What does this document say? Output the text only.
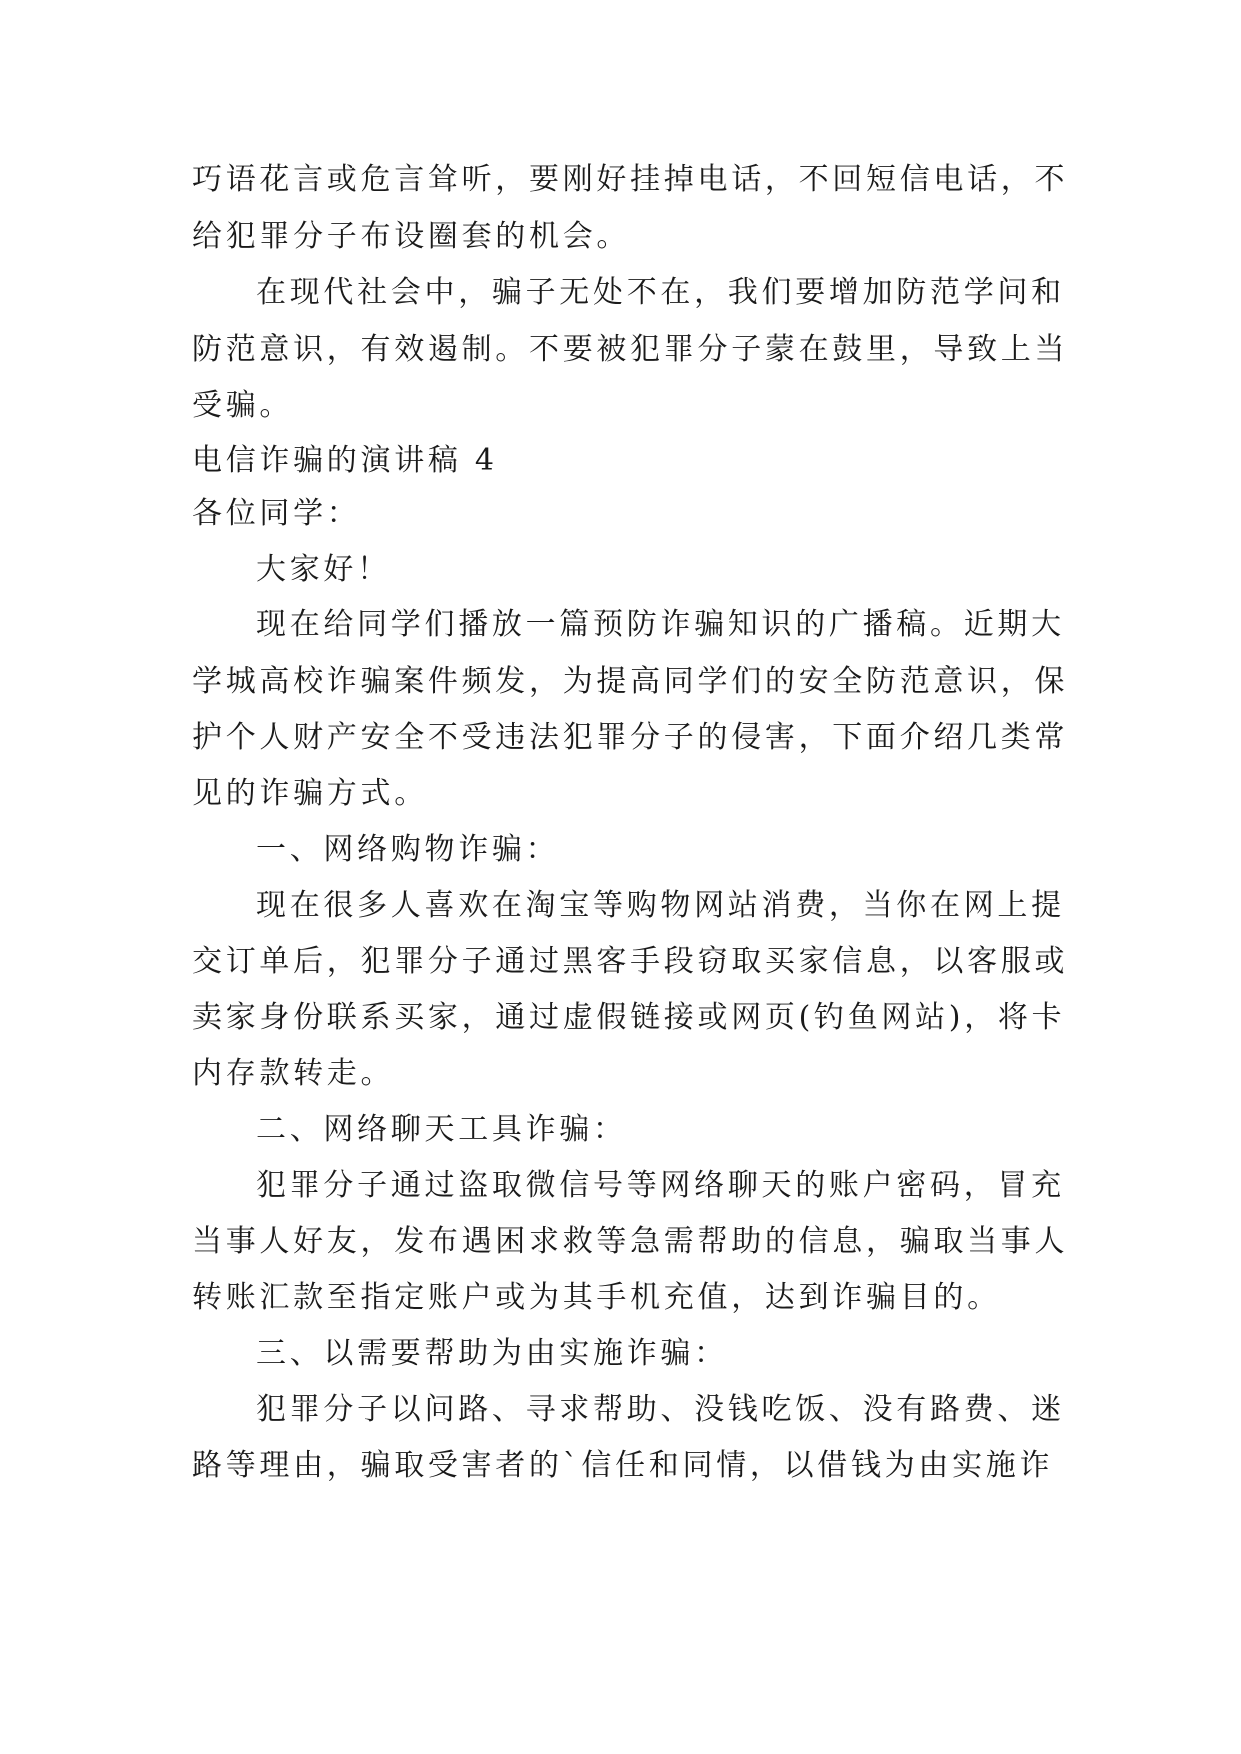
巧语花言或危言耸听，要刚好挂掉电话，不回短信电话，不
给犯罪分子布设圈套的机会。
在现代社会中，骗子无处不在，我们要增加防范学问和
防范意识，有效遏制。不要被犯罪分子蒙在鼓里，导致上当
受骗。
电信诈骗的演讲稿 4
各位同学：
大家好！
现在给同学们播放一篇预防诈骗知识的广播稿。近期大
学城高校诈骗案件频发，为提高同学们的安全防范意识，保
护个人财产安全不受违法犯罪分子的侵害，下面介绍几类常
见的诈骗方式。
一、网络购物诈骗：
现在很多人喜欢在淘宝等购物网站消费，当你在网上提
交订单后，犯罪分子通过黑客手段窃取买家信息，以客服或
卖家身份联系买家，通过虚假链接或网页(钓鱼网站)，将卡
内存款转走。
二、网络聊天工具诈骗：
犯罪分子通过盗取微信号等网络聊天的账户密码，冒充
当事人好友，发布遇困求救等急需帮助的信息，骗取当事人
转账汇款至指定账户或为其手机充值，达到诈骗目的。
三、以需要帮助为由实施诈骗：
犯罪分子以问路、寻求帮助、没钱吃饭、没有路费、迷
路等理由，骗取受害者的`信任和同情，以借钱为由实施诈
